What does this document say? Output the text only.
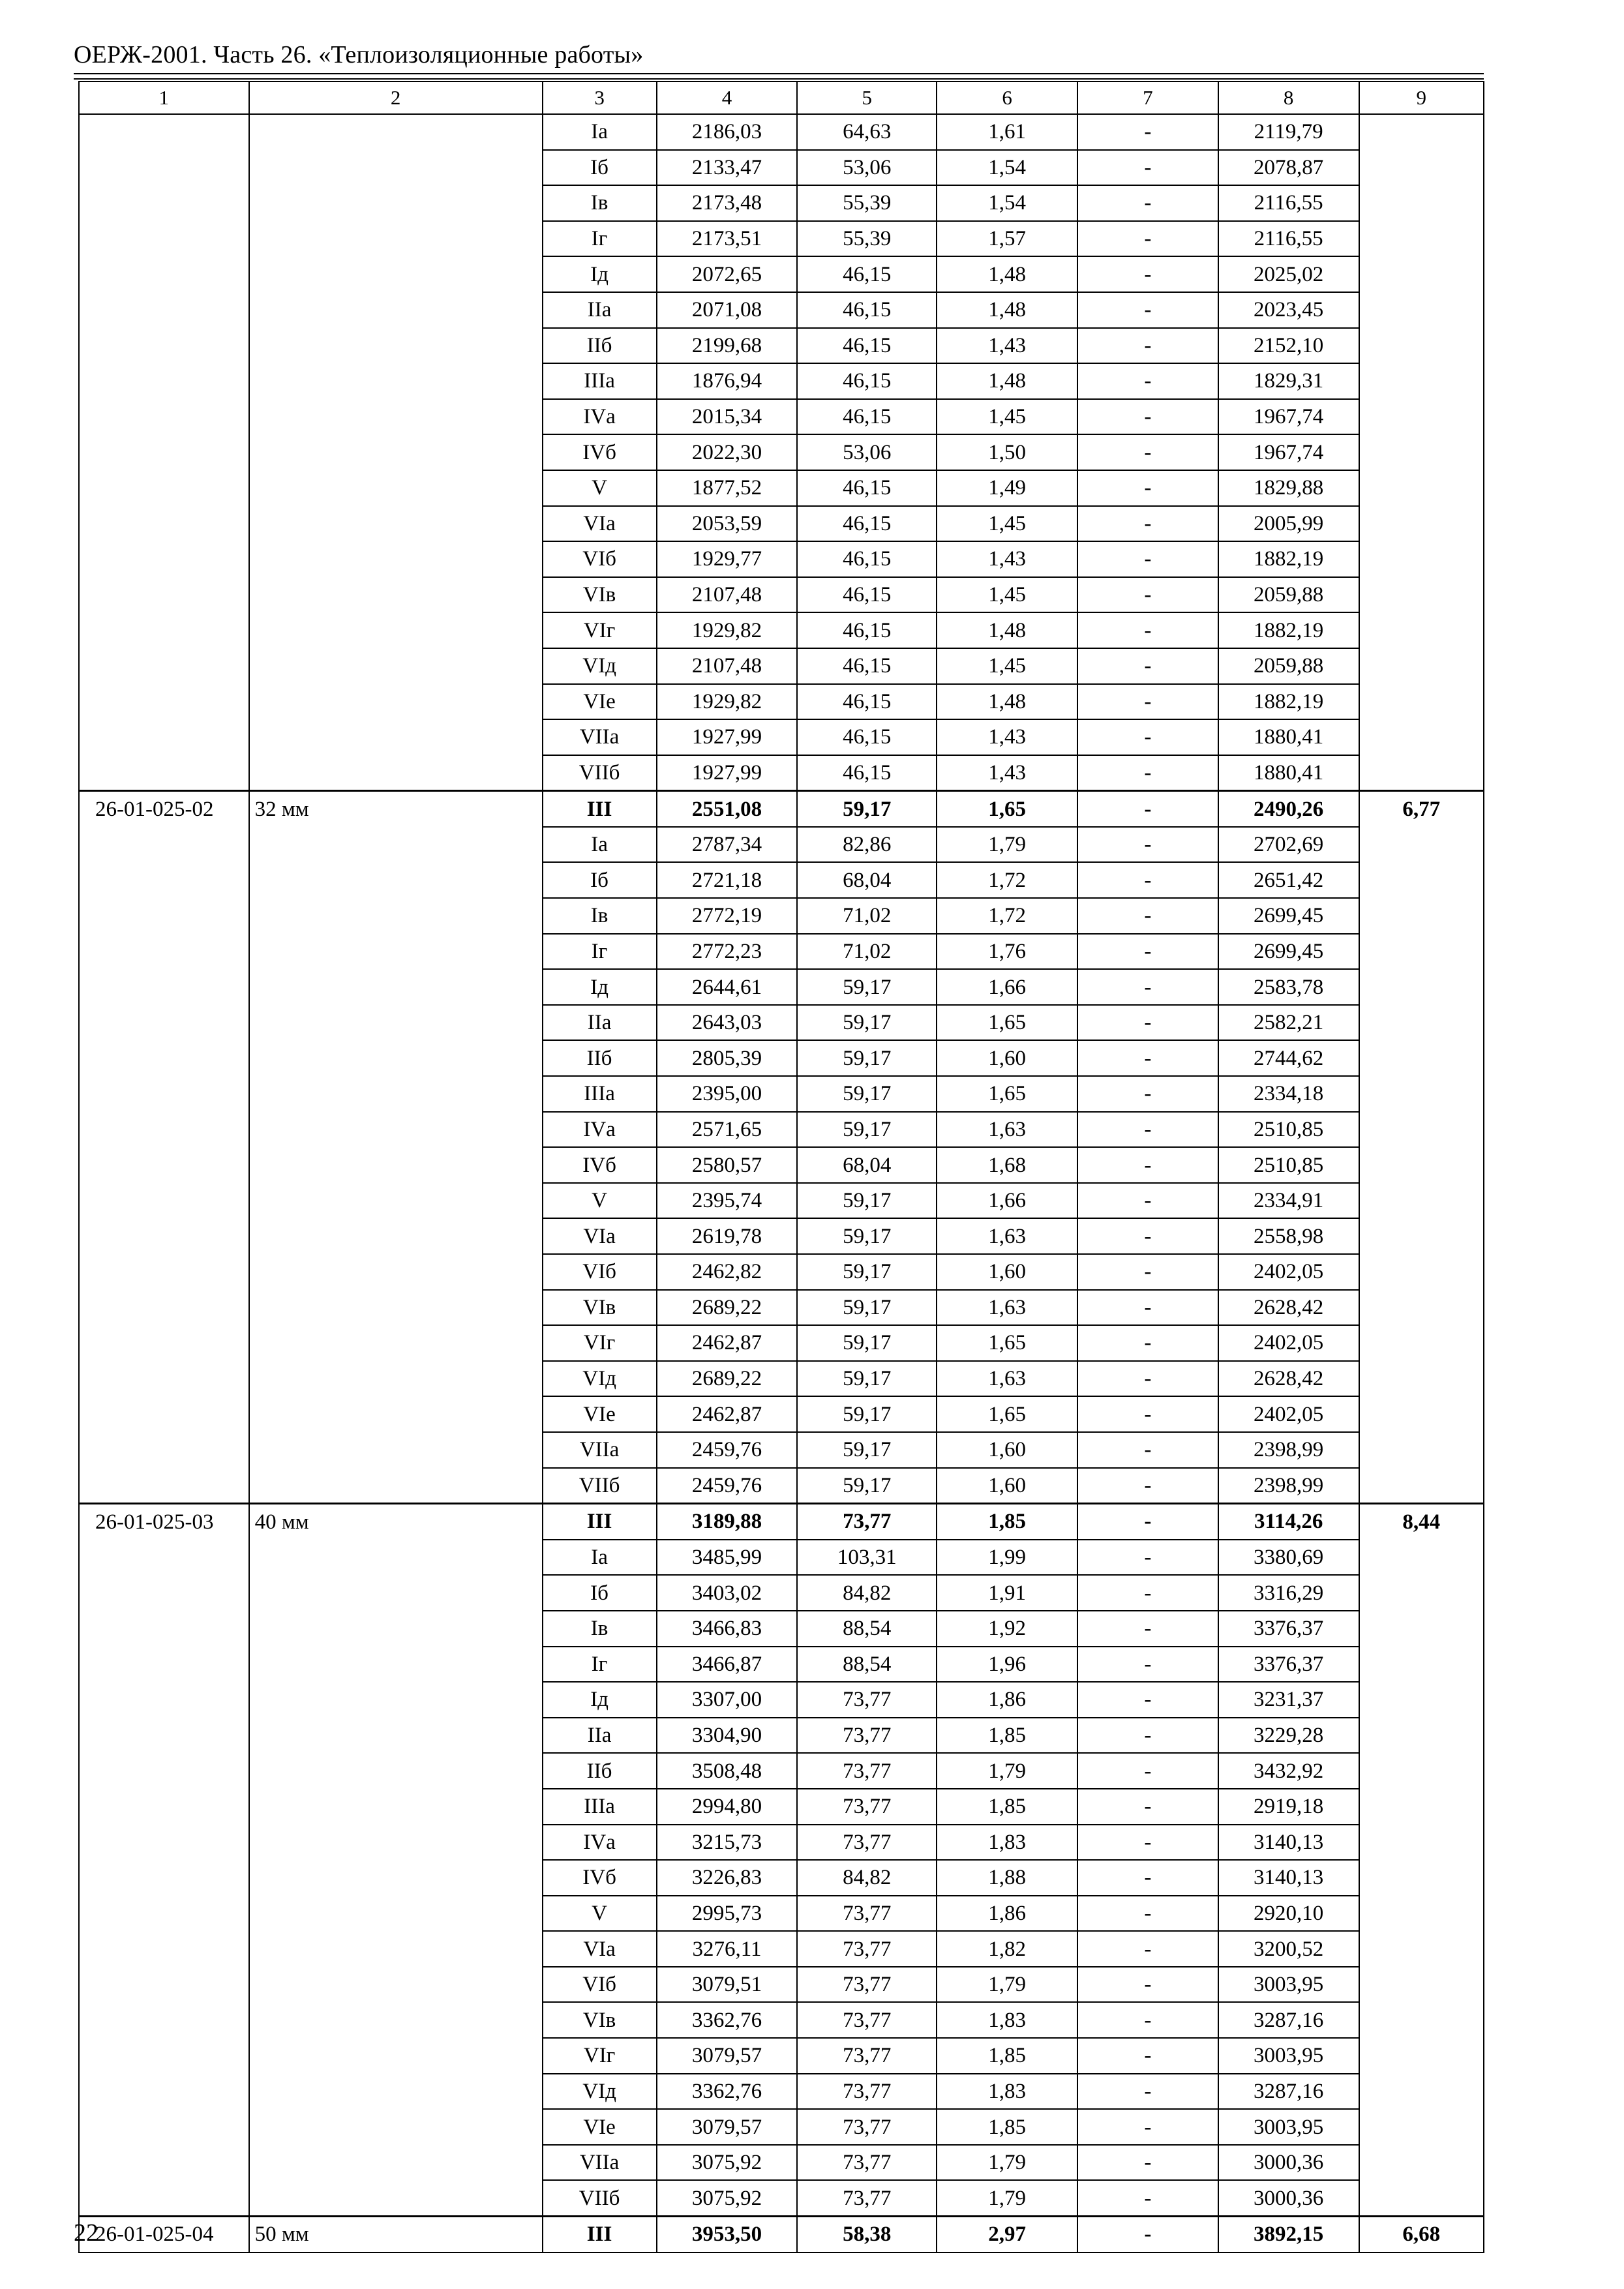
ОЕРЖ-2001. Часть 26. «Теплоизоляционные работы»
1	2	3	4	5	6	7	8	9
		Iа	2186,03	64,63	1,61	-	2119,79	
		Iб	2133,47	53,06	1,54	-	2078,87	
		Iв	2173,48	55,39	1,54	-	2116,55	
		Iг	2173,51	55,39	1,57	-	2116,55	
		Iд	2072,65	46,15	1,48	-	2025,02	
		IIа	2071,08	46,15	1,48	-	2023,45	
		IIб	2199,68	46,15	1,43	-	2152,10	
		IIIа	1876,94	46,15	1,48	-	1829,31	
		IVа	2015,34	46,15	1,45	-	1967,74	
		IVб	2022,30	53,06	1,50	-	1967,74	
		V	1877,52	46,15	1,49	-	1829,88	
		VIа	2053,59	46,15	1,45	-	2005,99	
		VIб	1929,77	46,15	1,43	-	1882,19	
		VIв	2107,48	46,15	1,45	-	2059,88	
		VIг	1929,82	46,15	1,48	-	1882,19	
		VIд	2107,48	46,15	1,45	-	2059,88	
		VIе	1929,82	46,15	1,48	-	1882,19	
		VIIа	1927,99	46,15	1,43	-	1880,41	
		VIIб	1927,99	46,15	1,43	-	1880,41	
26-01-025-02	32 мм	III	2551,08	59,17	1,65	-	2490,26	6,77
		Iа	2787,34	82,86	1,79	-	2702,69	
		Iб	2721,18	68,04	1,72	-	2651,42	
		Iв	2772,19	71,02	1,72	-	2699,45	
		Iг	2772,23	71,02	1,76	-	2699,45	
		Iд	2644,61	59,17	1,66	-	2583,78	
		IIа	2643,03	59,17	1,65	-	2582,21	
		IIб	2805,39	59,17	1,60	-	2744,62	
		IIIа	2395,00	59,17	1,65	-	2334,18	
		IVа	2571,65	59,17	1,63	-	2510,85	
		IVб	2580,57	68,04	1,68	-	2510,85	
		V	2395,74	59,17	1,66	-	2334,91	
		VIа	2619,78	59,17	1,63	-	2558,98	
		VIб	2462,82	59,17	1,60	-	2402,05	
		VIв	2689,22	59,17	1,63	-	2628,42	
		VIг	2462,87	59,17	1,65	-	2402,05	
		VIд	2689,22	59,17	1,63	-	2628,42	
		VIе	2462,87	59,17	1,65	-	2402,05	
		VIIа	2459,76	59,17	1,60	-	2398,99	
		VIIб	2459,76	59,17	1,60	-	2398,99	
26-01-025-03	40 мм	III	3189,88	73,77	1,85	-	3114,26	8,44
		Iа	3485,99	103,31	1,99	-	3380,69	
		Iб	3403,02	84,82	1,91	-	3316,29	
		Iв	3466,83	88,54	1,92	-	3376,37	
		Iг	3466,87	88,54	1,96	-	3376,37	
		Iд	3307,00	73,77	1,86	-	3231,37	
		IIа	3304,90	73,77	1,85	-	3229,28	
		IIб	3508,48	73,77	1,79	-	3432,92	
		IIIа	2994,80	73,77	1,85	-	2919,18	
		IVа	3215,73	73,77	1,83	-	3140,13	
		IVб	3226,83	84,82	1,88	-	3140,13	
		V	2995,73	73,77	1,86	-	2920,10	
		VIа	3276,11	73,77	1,82	-	3200,52	
		VIб	3079,51	73,77	1,79	-	3003,95	
		VIв	3362,76	73,77	1,83	-	3287,16	
		VIг	3079,57	73,77	1,85	-	3003,95	
		VIд	3362,76	73,77	1,83	-	3287,16	
		VIе	3079,57	73,77	1,85	-	3003,95	
		VIIа	3075,92	73,77	1,79	-	3000,36	
		VIIб	3075,92	73,77	1,79	-	3000,36	
26-01-025-04	50 мм	III	3953,50	58,38	2,97	-	3892,15	6,68
22
